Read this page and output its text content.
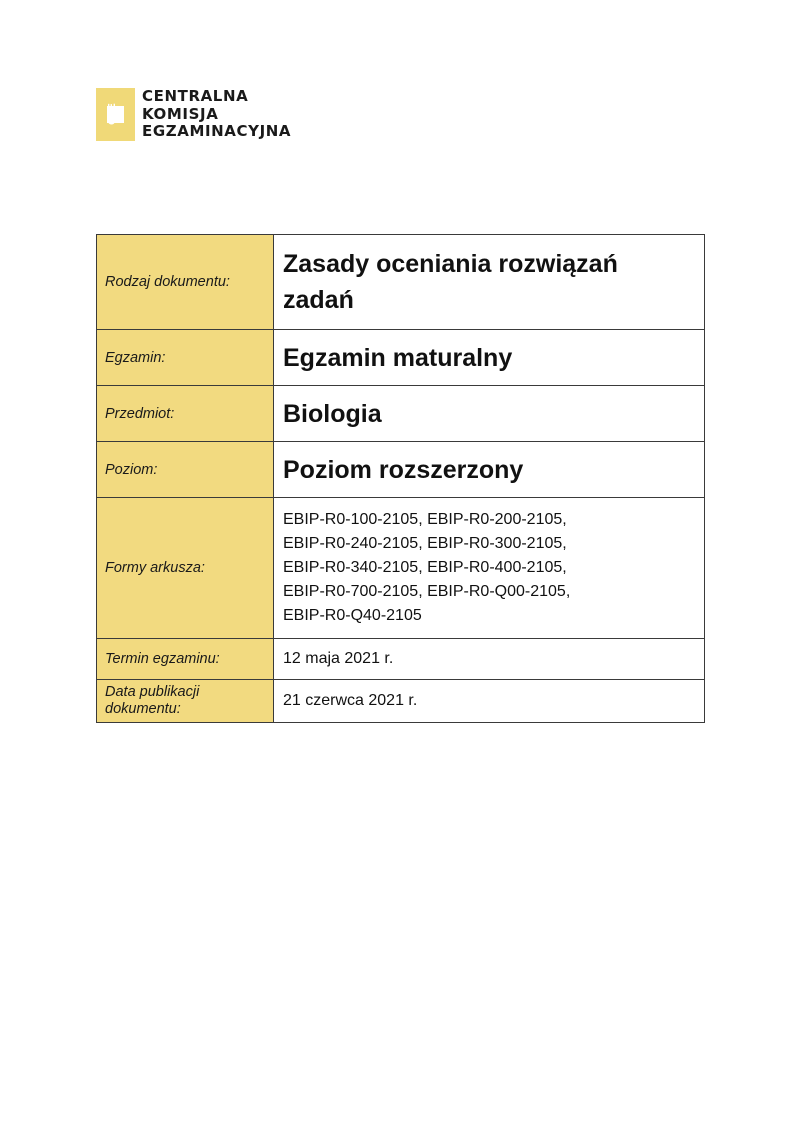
CKE
CENTRALNA
KOMISJA
EGZAMINACYJNA
Rodzaj dokumentu:	Zasady oceniania rozwiązań zadań
Egzamin:	Egzamin maturalny
Przedmiot:	Biologia
Poziom:	Poziom rozszerzony
Formy arkusza:	EBIP-R0-100-2105, EBIP-R0-200-2105,
EBIP-R0-240-2105, EBIP-R0-300-2105,
EBIP-R0-340-2105, EBIP-R0-400-2105,
EBIP-R0-700-2105, EBIP-R0-Q00-2105,
EBIP-R0-Q40-2105

Termin egzaminu:	12 maja 2021 r.
Data publikacji dokumentu:	21 czerwca 2021 r.
